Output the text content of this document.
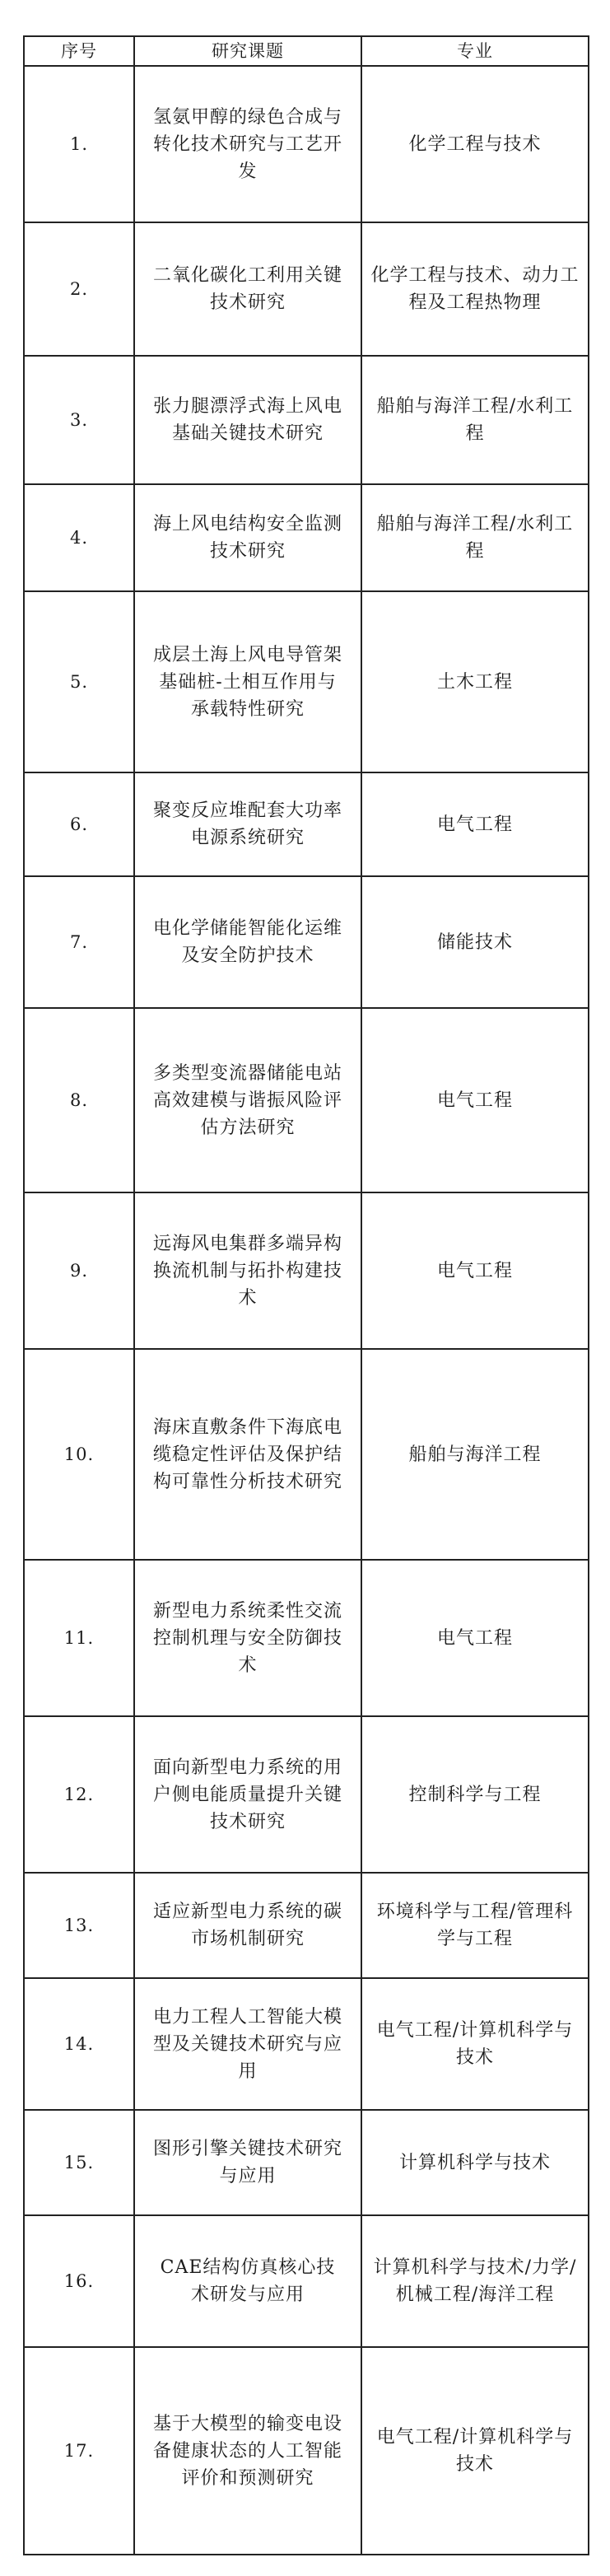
序号	研究课题	专业
1.	氢氨甲醇的绿色合成与转化技术研究与工艺开发	化学工程与技术
2.	二氧化碳化工利用关键技术研究	化学工程与技术、动力工程及工程热物理
3.	张力腿漂浮式海上风电基础关键技术研究	船舶与海洋工程/水利工程
4.	海上风电结构安全监测技术研究	船舶与海洋工程/水利工程
5.	成层土海上风电导管架基础桩-土相互作用与承载特性研究	土木工程
6.	聚变反应堆配套大功率电源系统研究	电气工程
7.	电化学储能智能化运维及安全防护技术	储能技术
8.	多类型变流器储能电站高效建模与谐振风险评估方法研究	电气工程
9.	远海风电集群多端异构换流机制与拓扑构建技术	电气工程
10.	海床直敷条件下海底电缆稳定性评估及保护结构可靠性分析技术研究	船舶与海洋工程
11.	新型电力系统柔性交流控制机理与安全防御技术	电气工程
12.	面向新型电力系统的用户侧电能质量提升关键技术研究	控制科学与工程
13.	适应新型电力系统的碳市场机制研究	环境科学与工程/管理科学与工程
14.	电力工程人工智能大模型及关键技术研究与应用	电气工程/计算机科学与技术
15.	图形引擎关键技术研究与应用	计算机科学与技术
16.	CAE结构仿真核心技术研发与应用	计算机科学与技术/力学/机械工程/海洋工程
17.	基于大模型的输变电设备健康状态的人工智能评价和预测研究	电气工程/计算机科学与技术
